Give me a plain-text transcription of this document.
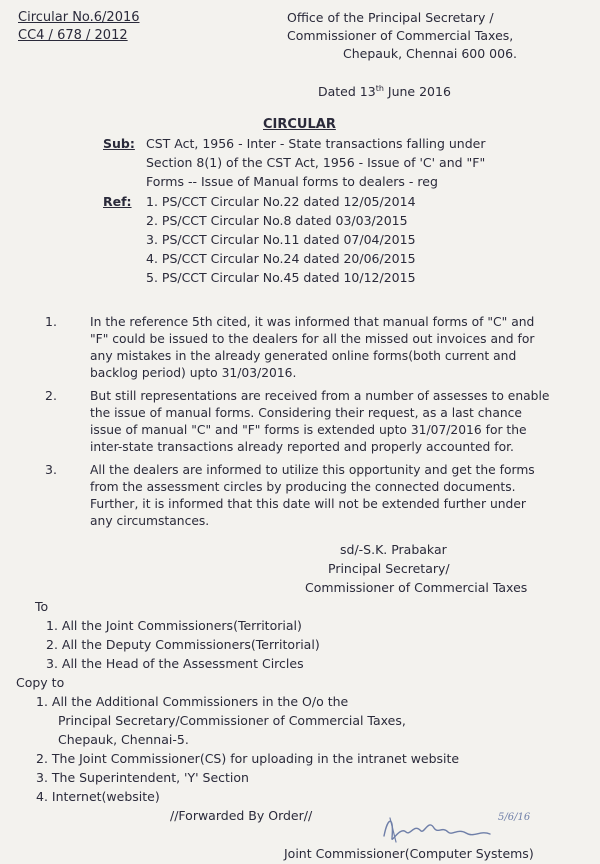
Circular No.6/2016
CC4 / 678 / 2012
Office of the Principal Secretary /
Commissioner of Commercial Taxes,
Chepauk, Chennai 600 006.
Dated 13th June 2016
CIRCULAR
Sub: CST Act, 1956 - Inter - State transactions falling under
Section 8(1) of the CST Act, 1956 - Issue of 'C' and "F"
Forms -- Issue of Manual forms to dealers - reg
Ref: 1. PS/CCT Circular No.22 dated 12/05/2014
2. PS/CCT Circular No.8 dated 03/03/2015
3. PS/CCT Circular No.11 dated 07/04/2015
4. PS/CCT Circular No.24 dated 20/06/2015
5. PS/CCT Circular No.45 dated 10/12/2015
1.	In the reference 5th cited, it was informed that manual forms of "C" and
"F" could be issued to the dealers for all the missed out invoices and for
any mistakes in the already generated online forms(both current and
backlog period) upto 31/03/2016.
2.	But still representations are received from a number of assesses to enable
the issue of manual forms. Considering their request, as a last chance
issue of manual "C" and "F" forms is extended upto 31/07/2016 for the
inter-state transactions already reported and properly accounted for.
3.	All the dealers are informed to utilize this opportunity and get the forms
from the assessment circles by producing the connected documents.
Further, it is informed that this date will not be extended further under
any circumstances.
sd/-S.K. Prabakar
Principal Secretary/
Commissioner of Commercial Taxes
To
1. All the Joint Commissioners(Territorial)
2. All the Deputy Commissioners(Territorial)
3. All the Head of the Assessment Circles
Copy to
1. All the Additional Commissioners in the O/o the
Principal Secretary/Commissioner of Commercial Taxes,
Chepauk, Chennai-5.
2. The Joint Commissioner(CS) for uploading in the intranet website
3. The Superintendent, 'Y' Section
4. Internet(website)
//Forwarded By Order//	5/6/16
Joint Commissioner(Computer Systems)
